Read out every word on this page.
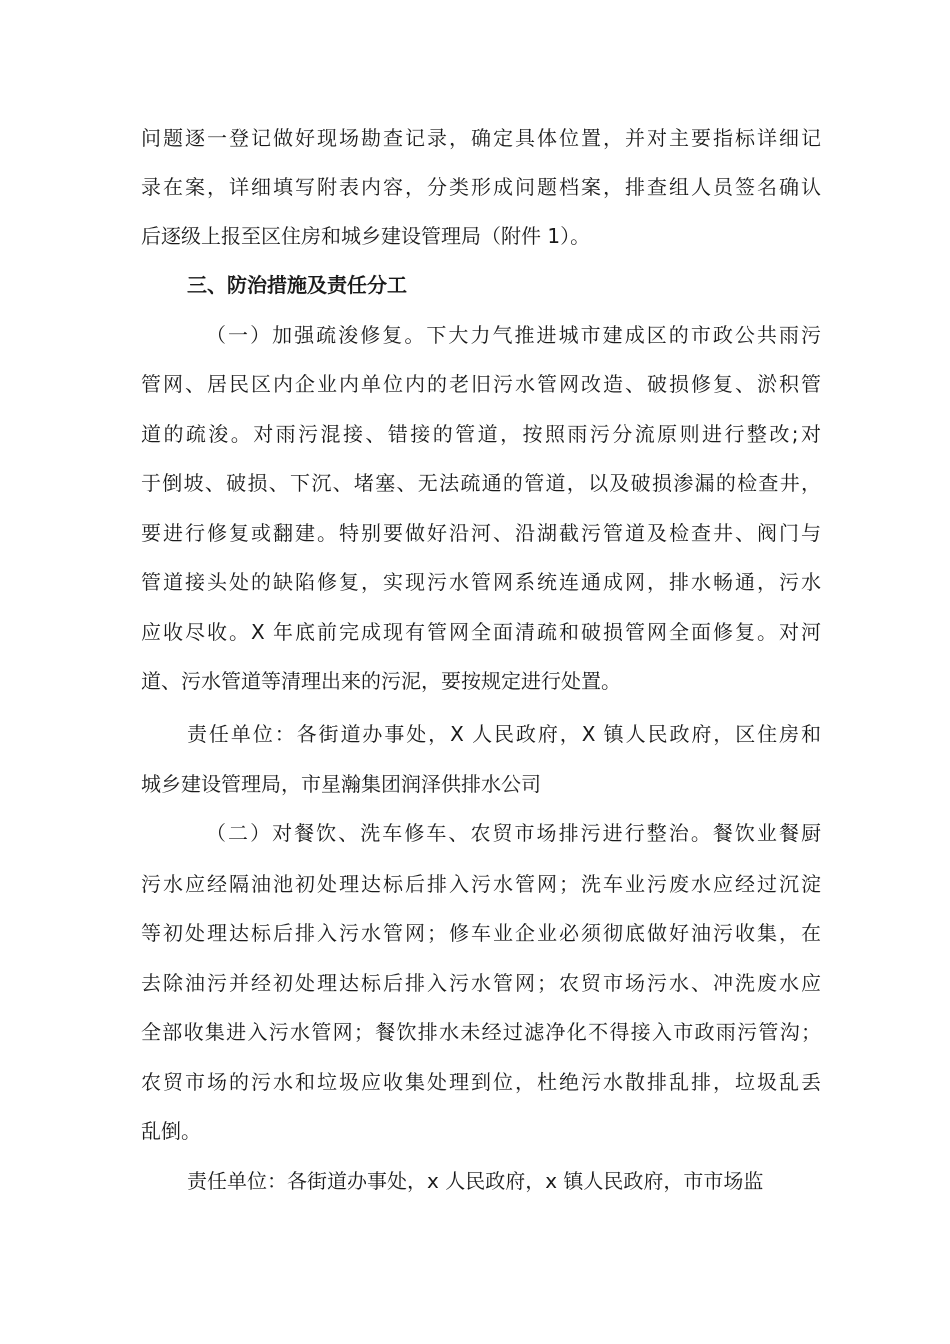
问题逐一登记做好现场勘查记录，确定具体位置，并对主要指标详细记
录在案，详细填写附表内容，分类形成问题档案，排查组人员签名确认
后逐级上报至区住房和城乡建设管理局（附件 1）。
三、防治措施及责任分工
（一）加强疏浚修复。下大力气推进城市建成区的市政公共雨污
管网、居民区内企业内单位内的老旧污水管网改造、破损修复、淤积管
道的疏浚。对雨污混接、错接的管道，按照雨污分流原则进行整改;对
于倒坡、破损、下沉、堵塞、无法疏通的管道，以及破损渗漏的检查井，
要进行修复或翻建。特别要做好沿河、沿湖截污管道及检查井、阀门与
管道接头处的缺陷修复，实现污水管网系统连通成网，排水畅通，污水
应收尽收。X 年底前完成现有管网全面清疏和破损管网全面修复。对河
道、污水管道等清理出来的污泥，要按规定进行处置。
责任单位：各街道办事处，X 人民政府，X 镇人民政府，区住房和
城乡建设管理局，市星瀚集团润泽供排水公司
（二）对餐饮、洗车修车、农贸市场排污进行整治。餐饮业餐厨
污水应经隔油池初处理达标后排入污水管网；洗车业污废水应经过沉淀
等初处理达标后排入污水管网；修车业企业必须彻底做好油污收集，在
去除油污并经初处理达标后排入污水管网；农贸市场污水、冲洗废水应
全部收集进入污水管网；餐饮排水未经过滤净化不得接入市政雨污管沟；
农贸市场的污水和垃圾应收集处理到位，杜绝污水散排乱排，垃圾乱丢
乱倒。
责任单位：各街道办事处，x 人民政府，x 镇人民政府，市市场监
